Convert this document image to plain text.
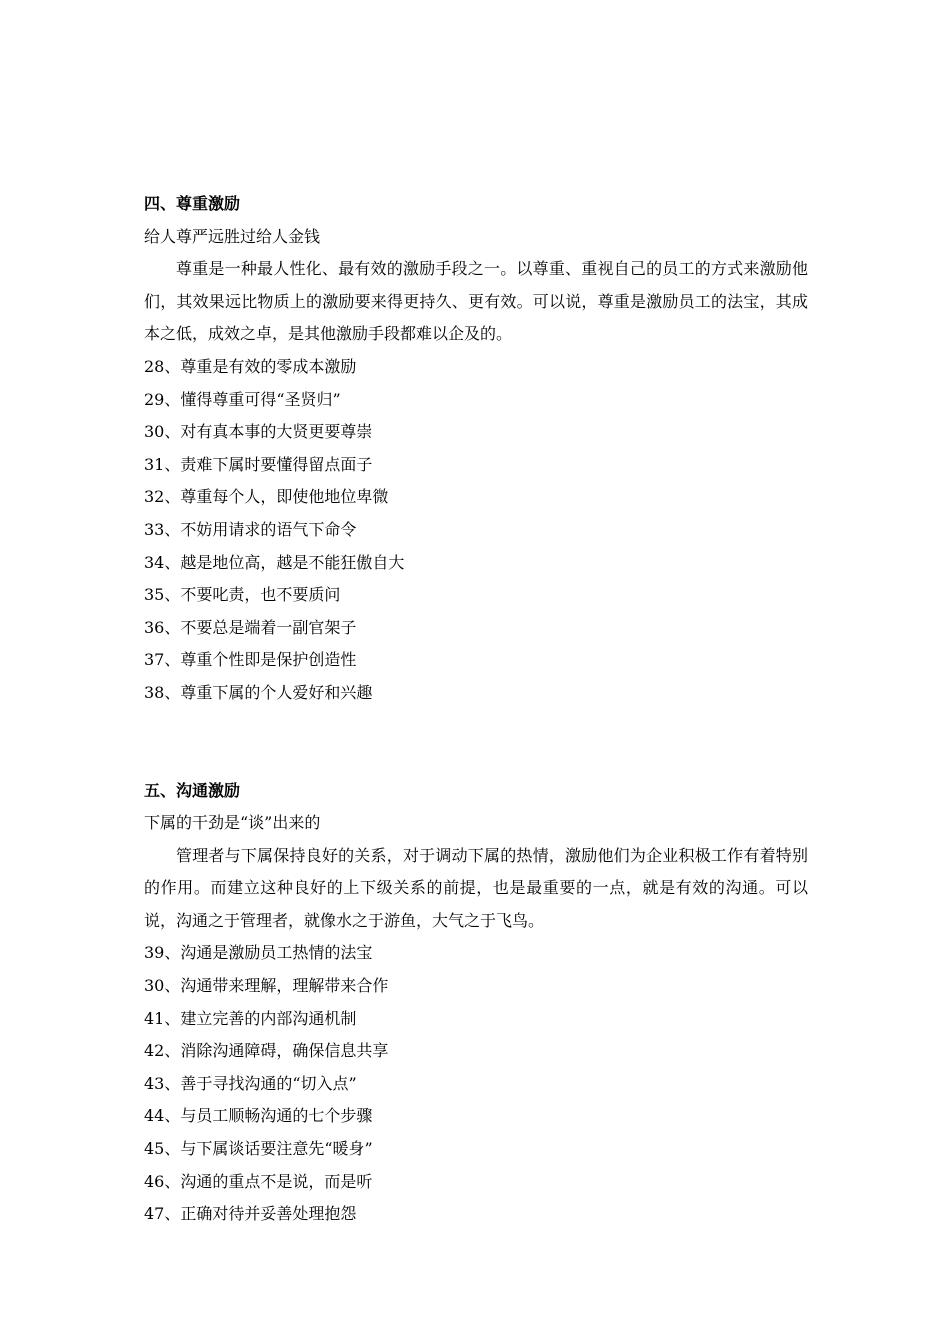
四、尊重激励
给人尊严远胜过给人金钱

尊重是一种最人性化、最有效的激励手段之一。以尊重、重视自己的员工的方式来激励他们，其效果远比物质上的激励要来得更持久、更有效。可以说，尊重是激励员工的法宝，其成本之低，成效之卓，是其他激励手段都难以企及的。

28、尊重是有效的零成本激励
29、懂得尊重可得“圣贤归”
30、对有真本事的大贤更要尊崇
31、责难下属时要懂得留点面子
32、尊重每个人，即使他地位卑微
33、不妨用请求的语气下命令
34、越是地位高，越是不能狂傲自大
35、不要叱责，也不要质问
36、不要总是端着一副官架子
37、尊重个性即是保护创造性
38、尊重下属的个人爱好和兴趣
五、沟通激励
下属的干劲是“谈”出来的

管理者与下属保持良好的关系，对于调动下属的热情，激励他们为企业积极工作有着特别的作用。而建立这种良好的上下级关系的前提，也是最重要的一点，就是有效的沟通。可以说，沟通之于管理者，就像水之于游鱼，大气之于飞鸟。

39、沟通是激励员工热情的法宝
30、沟通带来理解，理解带来合作
41、建立完善的内部沟通机制
42、消除沟通障碍，确保信息共享
43、善于寻找沟通的“切入点”
44、与员工顺畅沟通的七个步骤
45、与下属谈话要注意先“暖身”
46、沟通的重点不是说，而是听
47、正确对待并妥善处理抱怨
